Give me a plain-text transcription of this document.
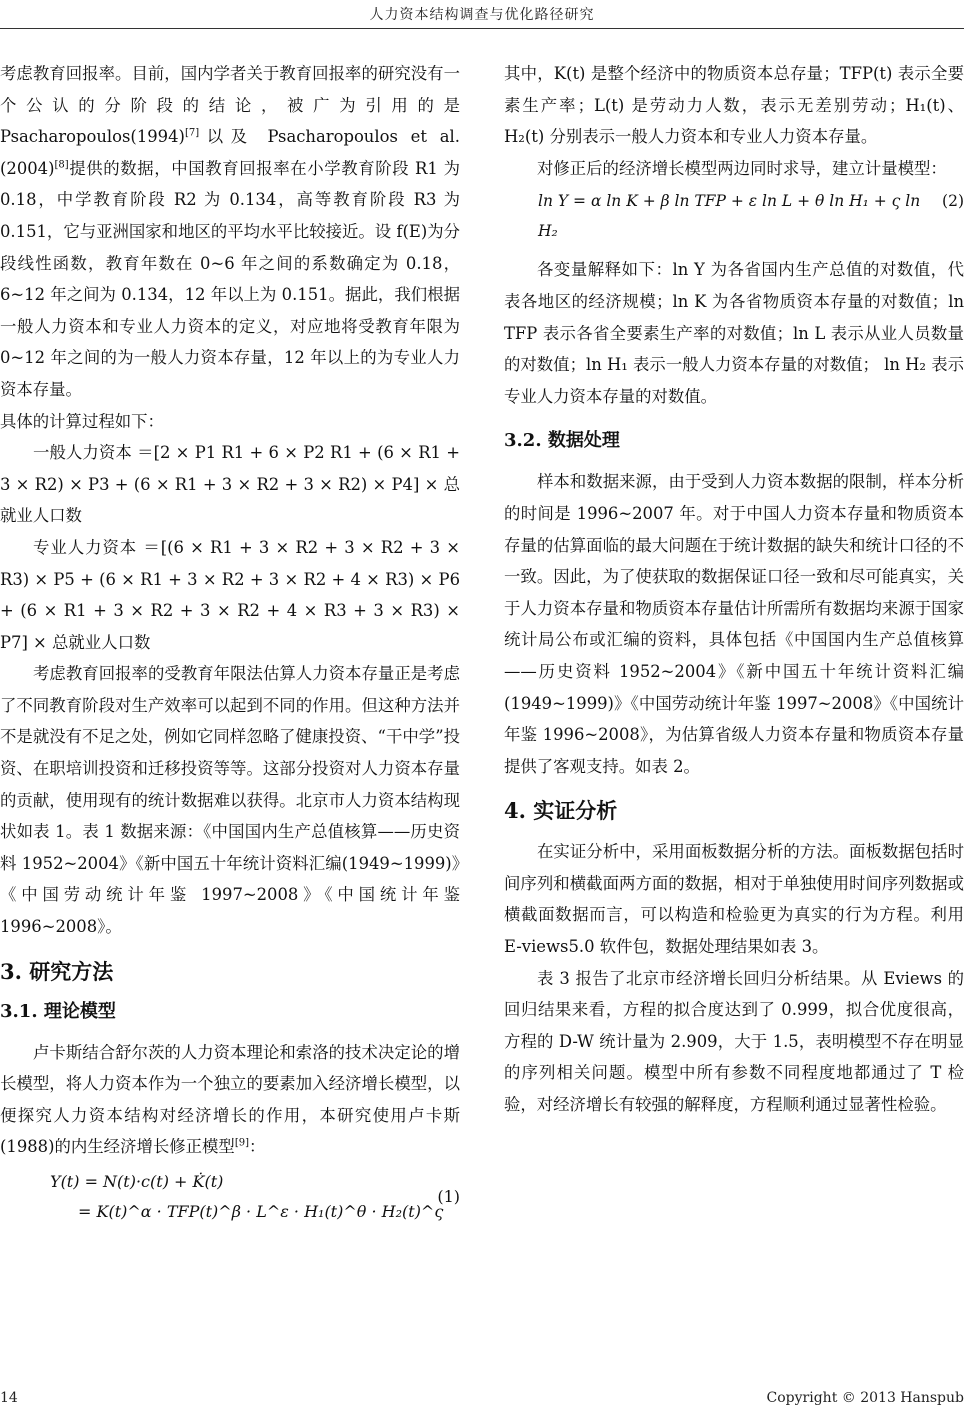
人力资本结构调查与优化路径研究

考虑教育回报率。目前，国内学者关于教育回报率的研究没有一个公认的分阶段的结论，被广为引用的是 Psacharopoulos(1994)[7]以及 Psacharopoulos et al. (2004)[8]提供的数据，中国教育回报率在小学教育阶段 R1 为 0.18，中学教育阶段 R2 为 0.134，高等教育阶段 R3 为 0.151，它与亚洲国家和地区的平均水平比较接近。设 f(E)为分段线性函数，教育年数在 0~6 年之间的系数确定为 0.18，6~12 年之间为 0.134，12 年以上为 0.151。据此，我们根据一般人力资本和专业人力资本的定义，对应地将受教育年限为 0~12 年之间的为一般人力资本存量，12 年以上的为专业人力资本存量。

具体的计算过程如下：

一般人力资本 ＝[2 × P1 R1 + 6 × P2 R1 + (6 × R1 + 3 × R2) × P3 + (6 × R1 + 3 × R2 + 3 × R2) × P4] × 总就业人口数

专业人力资本 ＝[(6 × R1 + 3 × R2 + 3 × R2 + 3 × R3) × P5 + (6 × R1 + 3 × R2 + 3 × R2 + 4 × R3) × P6 + (6 × R1 + 3 × R2 + 3 × R2 + 4 × R3 + 3 × R3) × P7] × 总就业人口数

考虑教育回报率的受教育年限法估算人力资本存量正是考虑了不同教育阶段对生产效率可以起到不同的作用。但这种方法并不是就没有不足之处，例如它同样忽略了健康投资、“干中学”投资、在职培训投资和迁移投资等等。这部分投资对人力资本存量的贡献，使用现有的统计数据难以获得。北京市人力资本结构现状如表 1。表 1 数据来源：《中国国内生产总值核算——历史资料 1952~2004》《新中国五十年统计资料汇编(1949~1999)》《中国劳动统计年鉴 1997~2008》《中国统计年鉴 1996~2008》。

3. 研究方法
3.1. 理论模型

卢卡斯结合舒尔茨的人力资本理论和索洛的技术决定论的增长模型，将人力资本作为一个独立的要素加入经济增长模型，以便探究人力资本结构对经济增长的作用，本研究使用卢卡斯(1988)的内生经济增长修正模型[9]：

Y(t) = N(t)·c(t) + K̇(t)
= K(t)^α · TFP(t)^β · L^ε · H₁(t)^θ · H₂(t)^ς
(1)

其中，K(t) 是整个经济中的物质资本总存量；TFP(t) 表示全要素生产率；L(t) 是劳动力人数，表示无差别劳动；H₁(t)、H₂(t) 分别表示一般人力资本和专业人力资本存量。

对修正后的经济增长模型两边同时求导，建立计量模型：

ln Y = α ln K + β ln TFP + ε ln L + θ ln H₁ + ς ln H₂
(2)

各变量解释如下：ln Y 为各省国内生产总值的对数值，代表各地区的经济规模；ln K 为各省物质资本存量的对数值；ln TFP 表示各省全要素生产率的对数值；ln L 表示从业人员数量的对数值；ln H₁ 表示一般人力资本存量的对数值； ln H₂ 表示专业人力资本存量的对数值。

3.2. 数据处理

样本和数据来源，由于受到人力资本数据的限制，样本分析的时间是 1996~2007 年。对于中国人力资本存量和物质资本存量的估算面临的最大问题在于统计数据的缺失和统计口径的不一致。因此，为了使获取的数据保证口径一致和尽可能真实，关于人力资本存量和物质资本存量估计所需所有数据均来源于国家统计局公布或汇编的资料，具体包括《中国国内生产总值核算——历史资料 1952~2004》《新中国五十年统计资料汇编(1949~1999)》《中国劳动统计年鉴 1997~2008》《中国统计年鉴 1996~2008》，为估算省级人力资本存量和物质资本存量提供了客观支持。如表 2。

4. 实证分析

在实证分析中，采用面板数据分析的方法。面板数据包括时间序列和横截面两方面的数据，相对于单独使用时间序列数据或横截面数据而言，可以构造和检验更为真实的行为方程。利用 E-views5.0 软件包，数据处理结果如表 3。

表 3 报告了北京市经济增长回归分析结果。从 Eviews 的回归结果来看，方程的拟合度达到了 0.999，拟合优度很高，方程的 D-W 统计量为 2.909，大于 1.5，表明模型不存在明显的序列相关问题。模型中所有参数不同程度地都通过了 T 检验，对经济增长有较强的解释度，方程顺利通过显著性检验。

14	Copyright © 2013 Hanspub
